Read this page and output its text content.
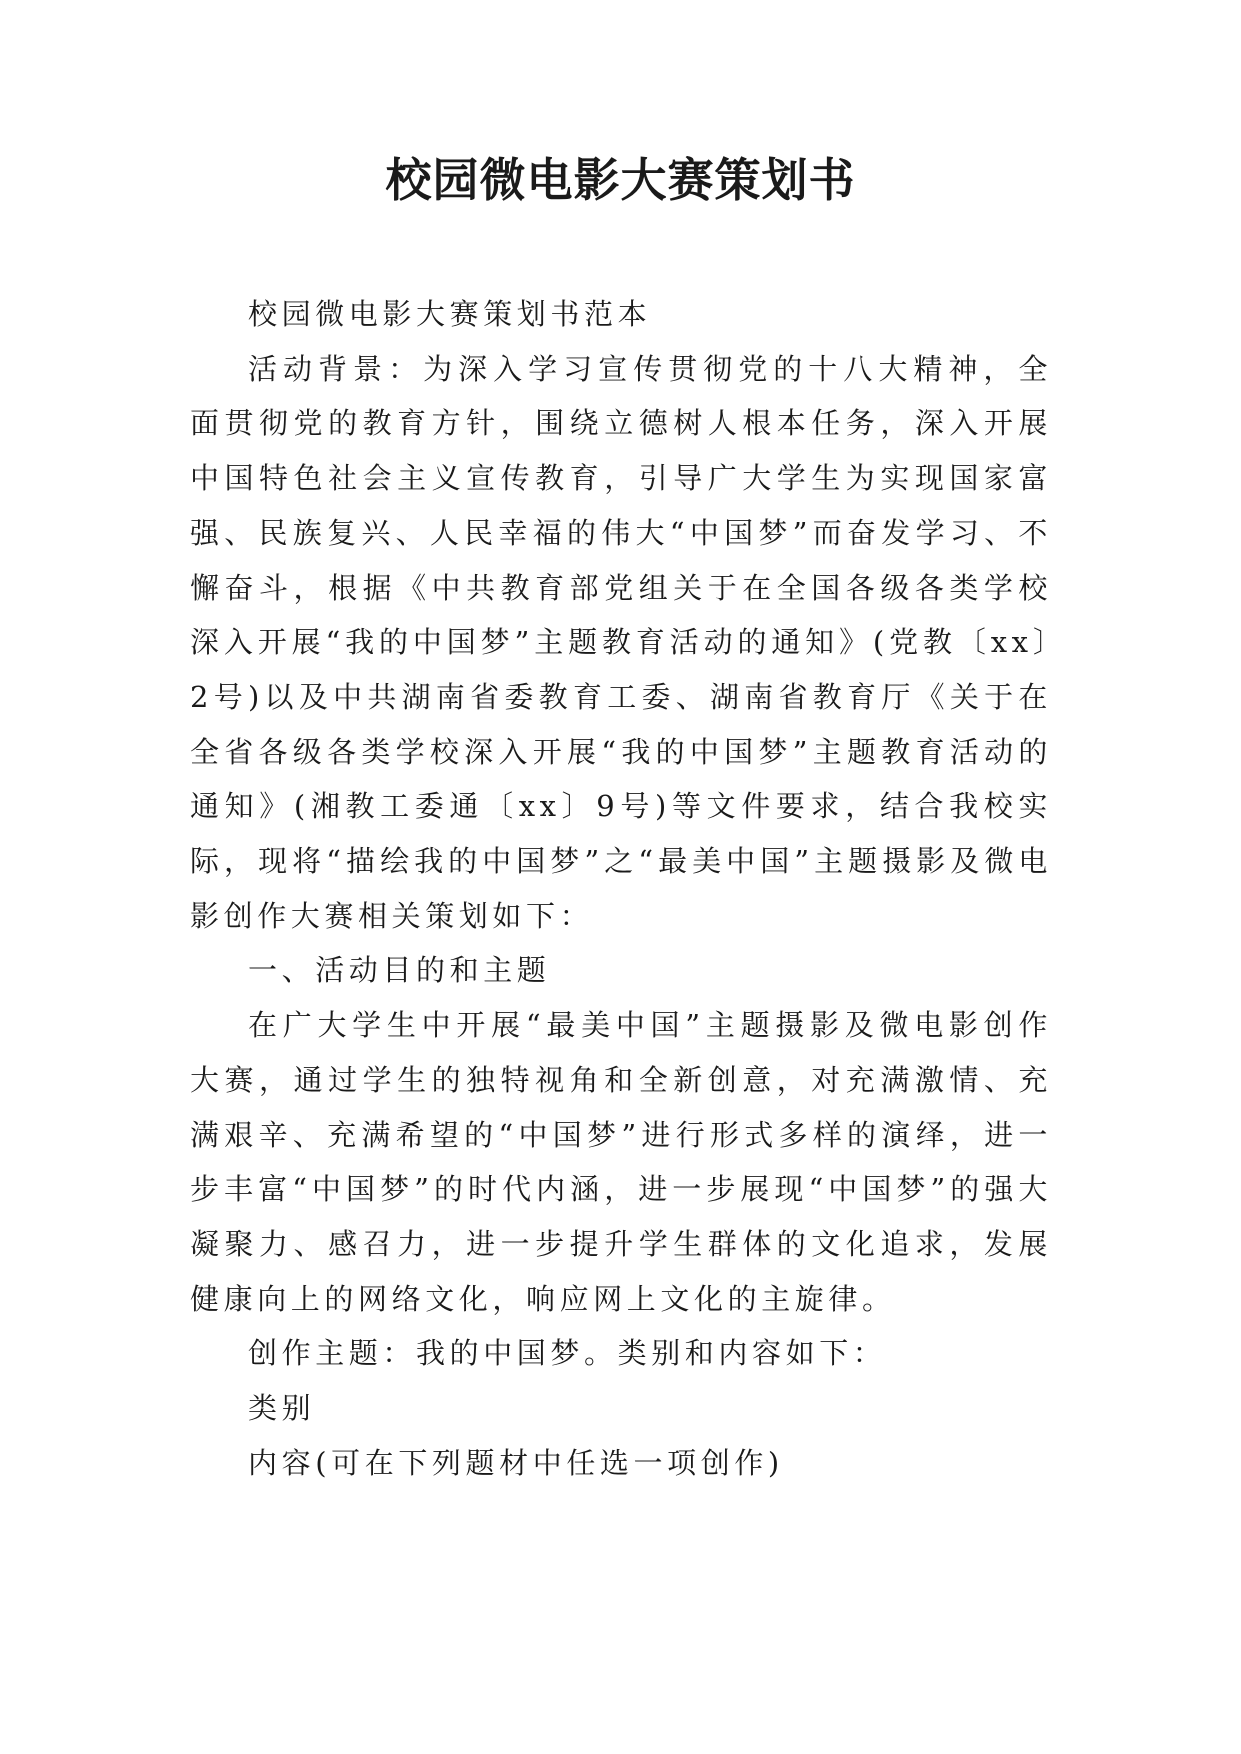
校园微电影大赛策划书

校园微电影大赛策划书范本

活动背景：为深入学习宣传贯彻党的十八大精神，全面贯彻党的教育方针，围绕立德树人根本任务，深入开展中国特色社会主义宣传教育，引导广大学生为实现国家富强、民族复兴、人民幸福的伟大“中国梦”而奋发学习、不懈奋斗，根据《中共教育部党组关于在全国各级各类学校深入开展“我的中国梦”主题教育活动的通知》(党教〔xx〕2号)以及中共湖南省委教育工委、湖南省教育厅《关于在全省各级各类学校深入开展“我的中国梦”主题教育活动的通知》(湘教工委通〔xx〕9号)等文件要求，结合我校实际，现将“描绘我的中国梦”之“最美中国”主题摄影及微电影创作大赛相关策划如下：

一、活动目的和主题

在广大学生中开展“最美中国”主题摄影及微电影创作大赛，通过学生的独特视角和全新创意，对充满激情、充满艰辛、充满希望的“中国梦”进行形式多样的演绎，进一步丰富“中国梦”的时代内涵，进一步展现“中国梦”的强大凝聚力、感召力，进一步提升学生群体的文化追求，发展健康向上的网络文化，响应网上文化的主旋律。

创作主题：我的中国梦。类别和内容如下：

类别

内容(可在下列题材中任选一项创作)
